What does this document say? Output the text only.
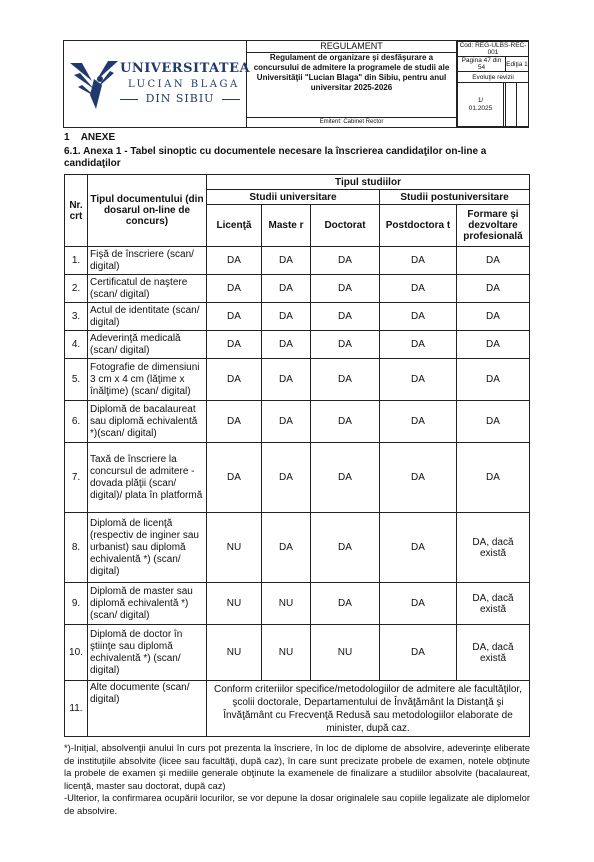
UNIVERSITATEA
LUCIAN BLAGA
DIN SIBIU
REGULAMENT
Regulament de organizare şi desfăşurare a concursului de admitere la programele de studii ale Universităţii "Lucian Blaga" din Sibiu, pentru anul universitar 2025-2026
Emitent: Cabinet Rector
Cod: REG-ULBS-REC-001			
Pagina 47 din 54		Ediţia 1	
Evoluţie revizii			
1/
01.2025			
1 ANEXE
6.1. Anexa 1 - Tabel sinoptic cu documentele necesare la înscrierea candidaţilor on-line a candidaţilor
Nr. crt	Tipul documentului (din dosarul on-line de concurs)	Tipul studiilor				
		Studii universitare			Studii postuniversitare	
		Licenţă	Maste r	Doctorat	Postdoctora t	Formare şi dezvoltare profesională
1.	Fişă de înscriere (scan/ digital)	DA	DA	DA	DA	DA
2.	Certificatul de naştere (scan/ digital)	DA	DA	DA	DA	DA
3.	Actul de identitate (scan/ digital)	DA	DA	DA	DA	DA
4.	Adeverinţă medicală (scan/ digital)	DA	DA	DA	DA	DA
5.	Fotografie de dimensiuni 3 cm x 4 cm (lăţime x înălţime) (scan/ digital)	DA	DA	DA	DA	DA
6.	Diplomă de bacalaureat sau diplomă echivalentă *)(scan/ digital)	DA	DA	DA	DA	DA
7.	Taxă de înscriere la concursul de admitere - dovada plăţii (scan/ digital)/ plata în platformă	DA	DA	DA	DA	DA
8.	Diplomă de licenţă (respectiv de inginer sau urbanist) sau diplomă echivalentă *) (scan/ digital)	NU	DA	DA	DA	DA, dacă există
9.	Diplomă de master sau diplomă echivalentă *) (scan/ digital)	NU	NU	DA	DA	DA, dacă există
10.	Diplomă de doctor în ştiinţe sau diplomă echivalentă *) (scan/ digital)	NU	NU	NU	DA	DA, dacă există
11.	Alte documente (scan/ digital)	Conform criteriilor specifice/metodologiilor de admitere ale facultăţilor, şcolii doctorale, Departamentului de Învăţământ la Distanţă şi Învăţământ cu Frecvenţă Redusă sau metodologiilor elaborate de minister, după caz.				
*)-Iniţial, absolvenţii anului în curs pot prezenta la înscriere, în loc de diplome de absolvire, adeverinţe eliberate de instituţiile absolvite (licee sau facultăţi, după caz), în care sunt precizate probele de examen, notele obţinute la probele de examen şi mediile generale obţinute la examenele de finalizare a studiilor absolvite (bacalaureat, licenţă, master sau doctorat, după caz)
-Ulterior, la confirmarea ocupării locurilor, se vor depune la dosar originalele sau copiile legalizate ale diplomelor de absolvire.
